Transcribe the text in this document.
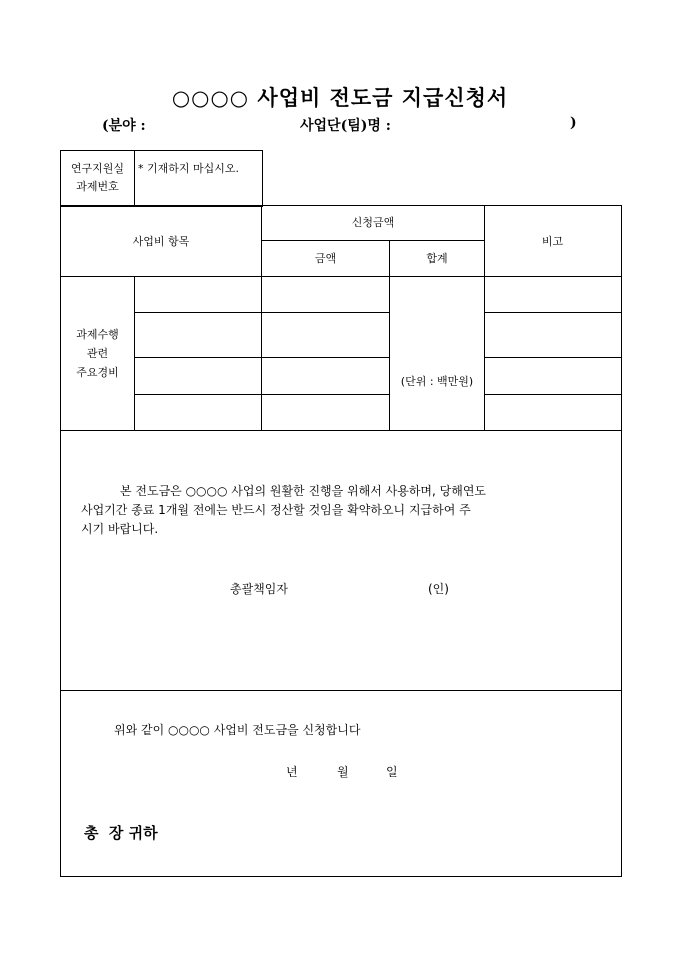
○○○○ 사업비 전도금 지급신청서
(분야 :	사업단(팀)명 :	)
연구지원실
과제번호
* 기재하지 마십시오.
사업비 항목
신청금액
금액	합계
비고
과제수행
관련
주요경비
(단위 : 백만원)
본 전도금은 ○○○○ 사업의 원활한 진행을 위해서 사용하며, 당해연도
사업기간 종료 1개월 전에는 반드시 정산할 것임을 확약하오니 지급하여 주
시기 바랍니다.
총괄책임자	(인)
위와 같이 ○○○○ 사업비 전도금을 신청합니다
년	월	일
총  장 귀하
